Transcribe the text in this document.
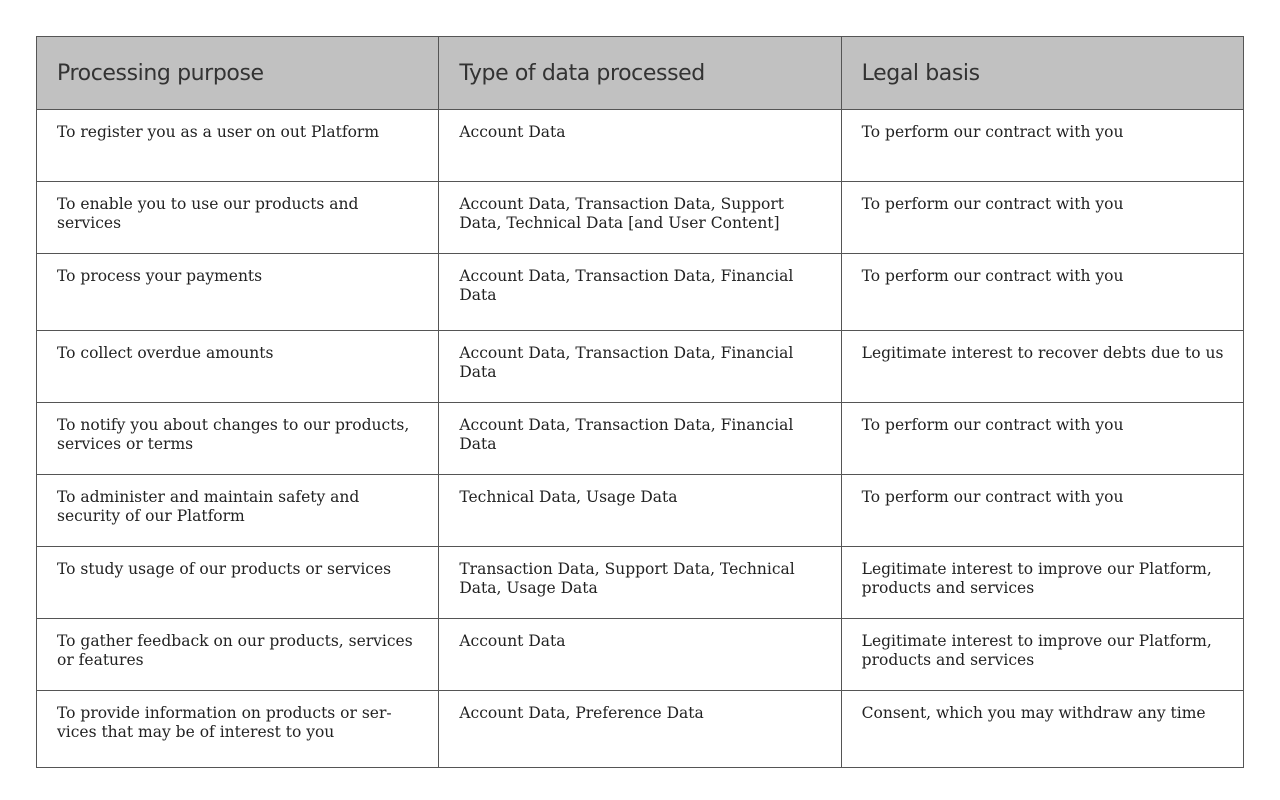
Processing purpose	Type of data processed	Legal basis
To register you as a user on out Platform	Account Data	To perform our contract with you
To enable you to use our products and services	Account Data, Transaction Data, Support Data, Technical Data [and User Content]	To perform our contract with you
To process your payments	Account Data, Transaction Data, Financial Data	To perform our contract with you
To collect overdue amounts	Account Data, Transaction Data, Financial Data	Legitimate interest to recover debts due to us
To notify you about changes to our products, services or terms	Account Data, Transaction Data, Financial Data	To perform our contract with you
To administer and maintain safety and security of our Platform	Technical Data, Usage Data	To perform our contract with you
To study usage of our products or services	Transaction Data, Support Data, Technical Data, Usage Data	Legitimate interest to improve our Platform, products and services
To gather feedback on our products, services or features	Account Data	Legitimate interest to improve our Platform, products and services
To provide information on products or ser-vices that may be of interest to you	Account Data, Preference Data	Consent, which you may withdraw any time
